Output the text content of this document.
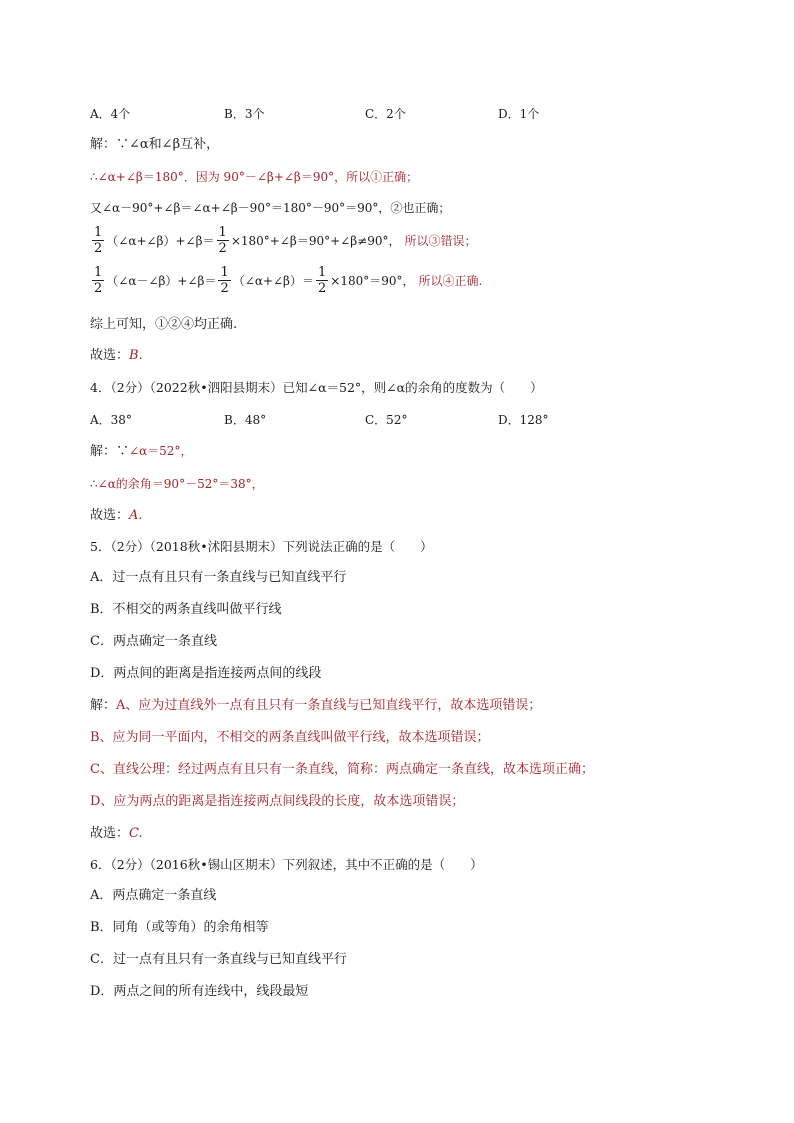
A．4个	B．3个	C．2个	D．1个
解：∵∠α和∠β互补，
∴∠α+∠β＝180°．因为 90°－∠β+∠β＝90°，所以①正确；
又∠α－90°+∠β＝∠α+∠β－90°＝180°－90°＝90°，②也正确；
$\frac{1}{2}$ （∠α+∠β）+∠β＝ $\frac{1}{2}$ ×180°+∠β＝90°+∠β≠90°， 所以③错误；
$\frac{1}{2}$ （∠α－∠β）+∠β＝ $\frac{1}{2}$ （∠α+∠β）＝ $\frac{1}{2} \times 180^\circ=90^\circ$， 所以④正确.
综上可知，①②④均正确.
故选：B.
4．（2分）（2022秋•泗阳县期末）已知∠α＝52°，则∠α的余角的度数为（　　）
A．38°	B．48°	C．52°	D．128°
解：∵∠α＝52°，
∴∠α的余角＝90°－52°＝38°，
故选：A.
5．（2分）（2018秋•沭阳县期末）下列说法正确的是（　　）
A．过一点有且只有一条直线与已知直线平行
B．不相交的两条直线叫做平行线
C．两点确定一条直线
D．两点间的距离是指连接两点间的线段
解：A、应为过直线外一点有且只有一条直线与已知直线平行，故本选项错误；
B、应为同一平面内，不相交的两条直线叫做平行线，故本选项错误；
C、直线公理：经过两点有且只有一条直线，简称：两点确定一条直线，故本选项正确；
D、应为两点的距离是指连接两点间线段的长度，故本选项错误；
故选：C.
6．（2分）（2016秋•锡山区期末）下列叙述，其中不正确的是（　　）
A．两点确定一条直线
B．同角（或等角）的余角相等
C．过一点有且只有一条直线与已知直线平行
D．两点之间的所有连线中，线段最短
